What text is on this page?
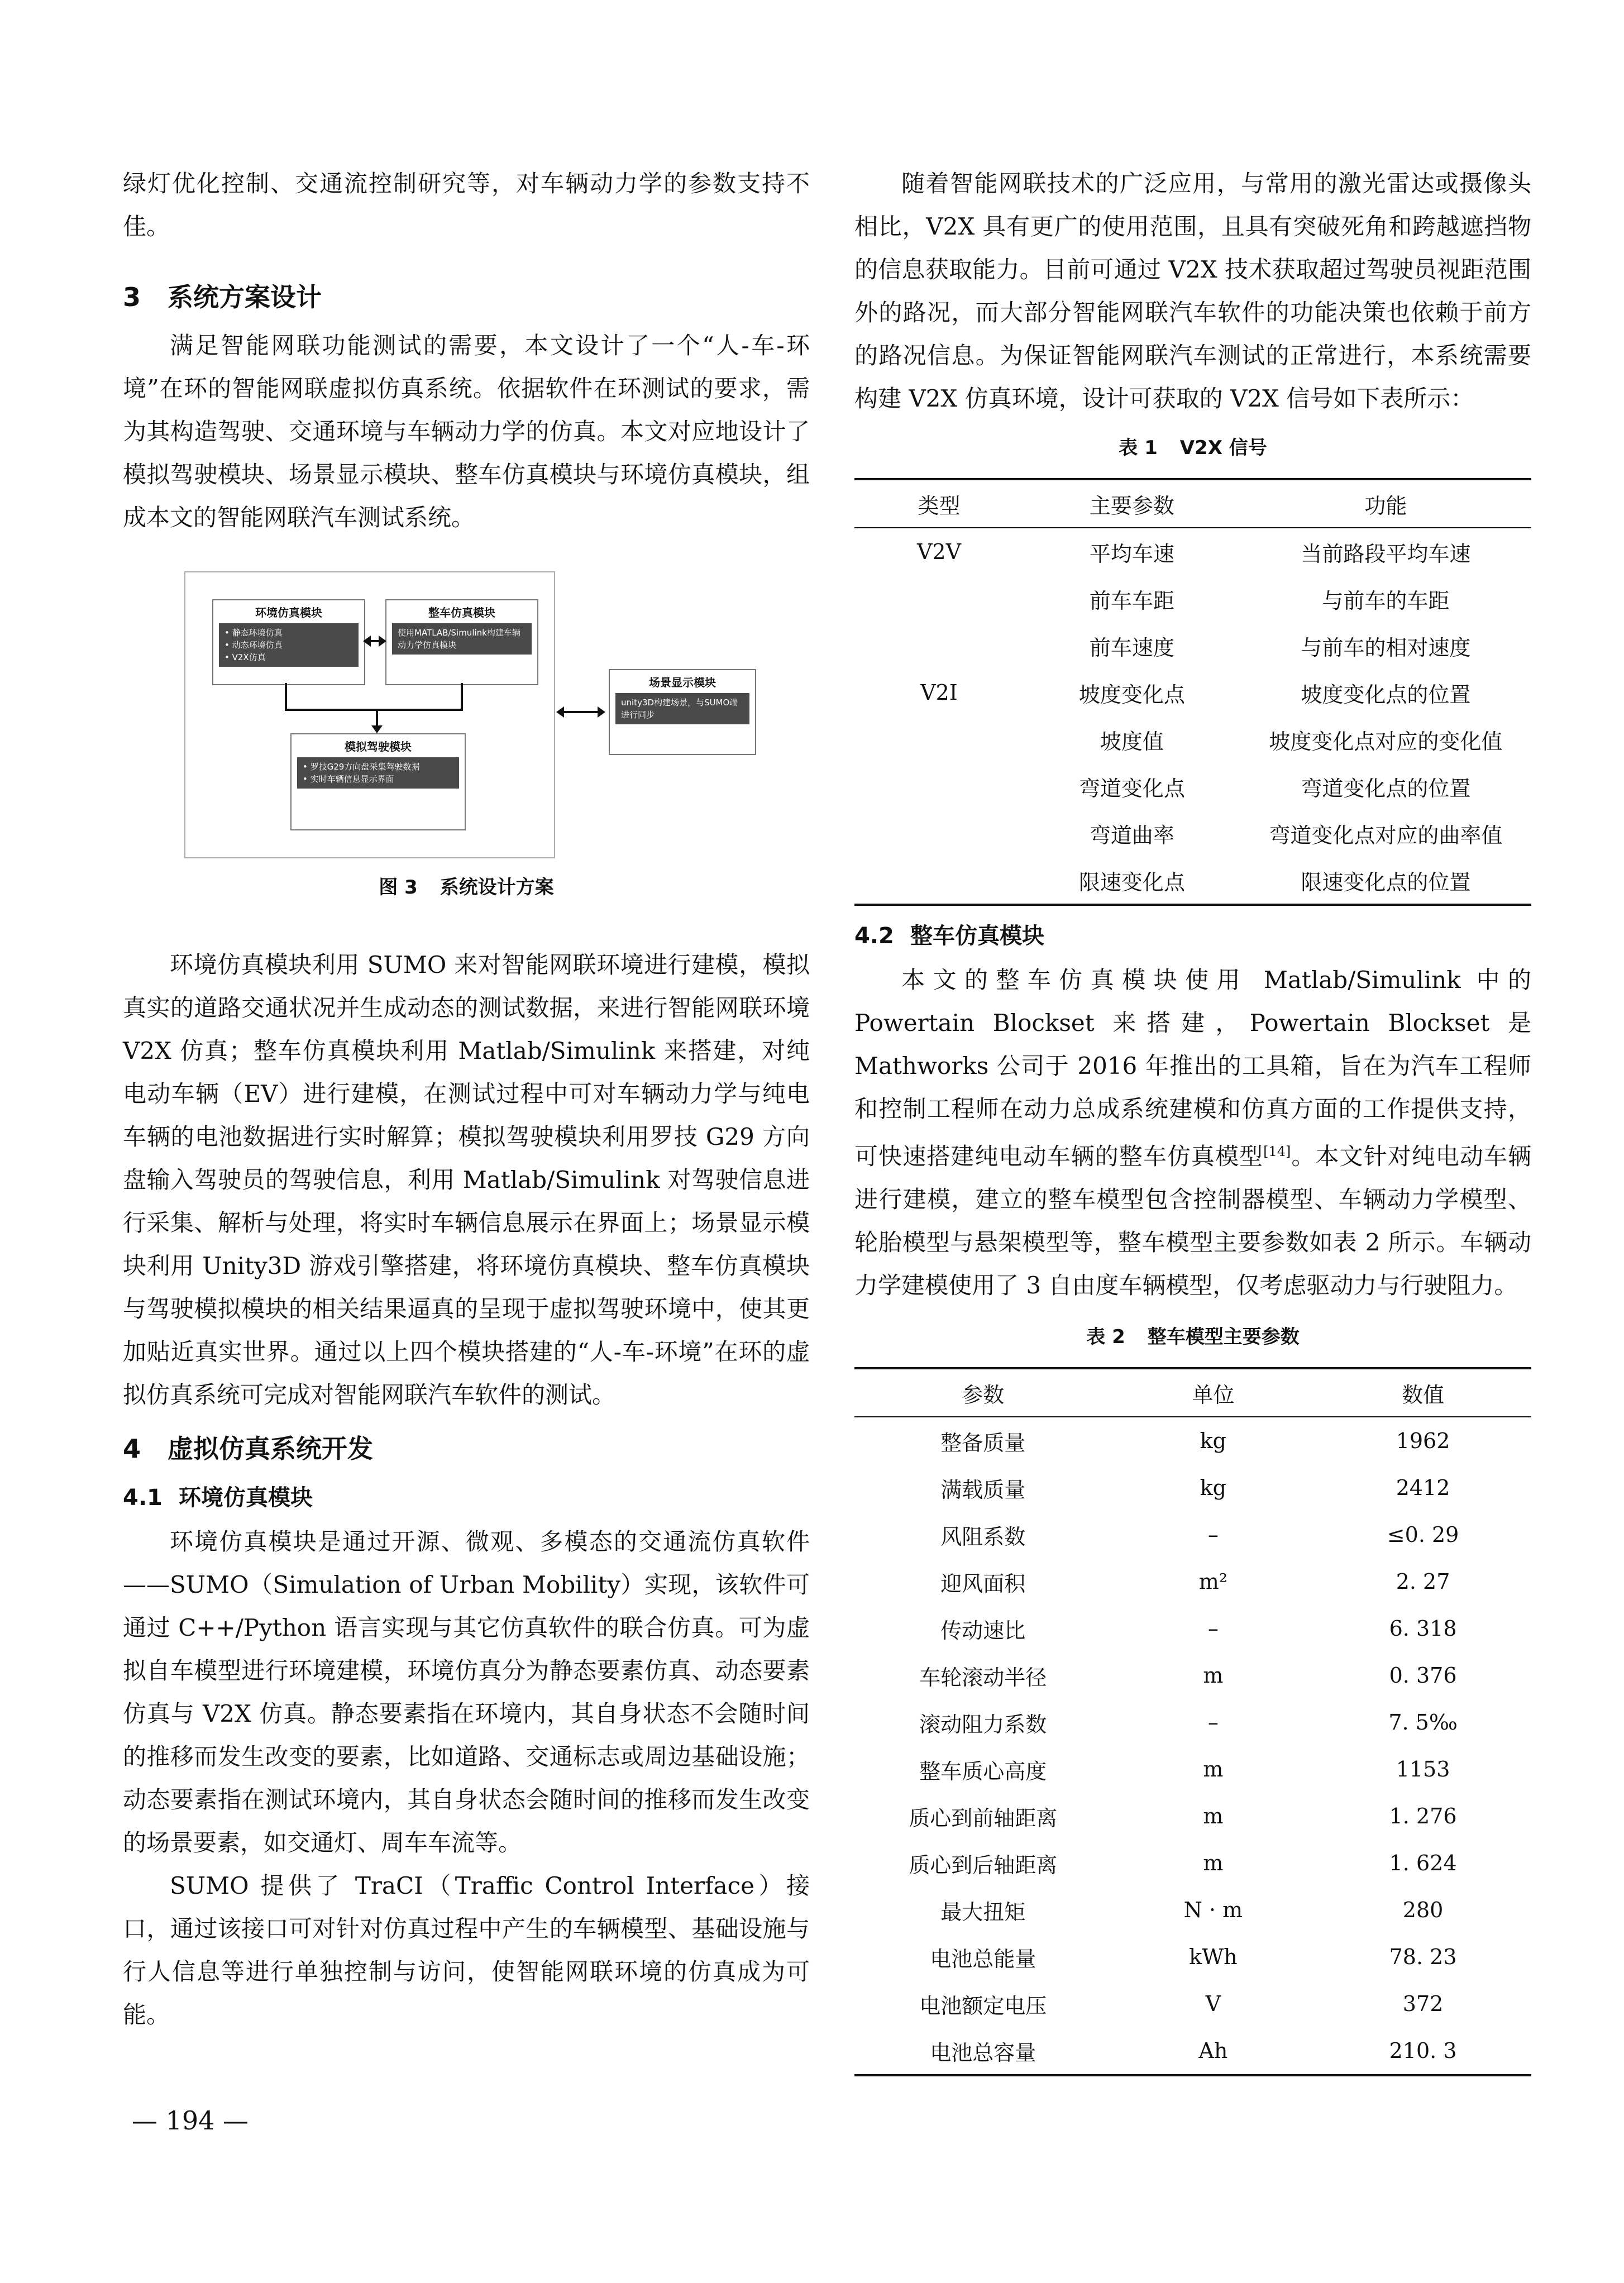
绿灯优化控制、交通流控制研究等，对车辆动力学的参数支持不佳。

3 系统方案设计

满足智能网联功能测试的需要，本文设计了一个“人-车-环境”在环的智能网联虚拟仿真系统。依据软件在环测试的要求，需为其构造驾驶、交通环境与车辆动力学的仿真。本文对应地设计了模拟驾驶模块、场景显示模块、整车仿真模块与环境仿真模块，组成本文的智能网联汽车测试系统。

环境仿真模块
• 静态环境仿真
• 动态环境仿真
• V2X仿真
整车仿真模块
使用MATLAB/Simulink构建车辆动力学仿真模块
模拟驾驶模块
• 罗技G29方向盘采集驾驶数据
• 实时车辆信息显示界面
场景显示模块
unity3D构建场景，与SUMO端进行同步
图 3 系统设计方案

环境仿真模块利用 SUMO 来对智能网联环境进行建模，模拟真实的道路交通状况并生成动态的测试数据，来进行智能网联环境 V2X 仿真；整车仿真模块利用 Matlab/Simulink 来搭建，对纯电动车辆（EV）进行建模，在测试过程中可对车辆动力学与纯电车辆的电池数据进行实时解算；模拟驾驶模块利用罗技 G29 方向盘输入驾驶员的驾驶信息，利用 Matlab/Simulink 对驾驶信息进行采集、解析与处理，将实时车辆信息展示在界面上；场景显示模块利用 Unity3D 游戏引擎搭建，将环境仿真模块、整车仿真模块与驾驶模拟模块的相关结果逼真的呈现于虚拟驾驶环境中，使其更加贴近真实世界。通过以上四个模块搭建的“人-车-环境”在环的虚拟仿真系统可完成对智能网联汽车软件的测试。

4 虚拟仿真系统开发
4.1 环境仿真模块

环境仿真模块是通过开源、微观、多模态的交通流仿真软件——SUMO（Simulation of Urban Mobility）实现，该软件可通过 C++/Python 语言实现与其它仿真软件的联合仿真。可为虚拟自车模型进行环境建模，环境仿真分为静态要素仿真、动态要素仿真与 V2X 仿真。静态要素指在环境内，其自身状态不会随时间的推移而发生改变的要素，比如道路、交通标志或周边基础设施；动态要素指在测试环境内，其自身状态会随时间的推移而发生改变的场景要素，如交通灯、周车车流等。

SUMO 提供了 TraCI（Traffic Control Interface）接口，通过该接口可对针对仿真过程中产生的车辆模型、基础设施与行人信息等进行单独控制与访问，使智能网联环境的仿真成为可能。

— 194 —

随着智能网联技术的广泛应用，与常用的激光雷达或摄像头相比，V2X 具有更广的使用范围，且具有突破死角和跨越遮挡物的信息获取能力。目前可通过 V2X 技术获取超过驾驶员视距范围外的路况，而大部分智能网联汽车软件的功能决策也依赖于前方的路况信息。为保证智能网联汽车测试的正常进行，本系统需要构建 V2X 仿真环境，设计可获取的 V2X 信号如下表所示：

表 1 V2X 信号
类型	主要参数	功能
V2V	平均车速	当前路段平均车速
	前车车距	与前车的车距
	前车速度	与前车的相对速度
V2I	坡度变化点	坡度变化点的位置
	坡度值	坡度变化点对应的变化值
	弯道变化点	弯道变化点的位置
	弯道曲率	弯道变化点对应的曲率值
	限速变化点	限速变化点的位置
4.2 整车仿真模块

本文的整车仿真模块使用 Matlab/Simulink 中的 Powertain Blockset 来搭建，Powertain Blockset 是 Mathworks 公司于 2016 年推出的工具箱，旨在为汽车工程师和控制工程师在动力总成系统建模和仿真方面的工作提供支持，可快速搭建纯电动车辆的整车仿真模型[14]。本文针对纯电动车辆进行建模，建立的整车模型包含控制器模型、车辆动力学模型、轮胎模型与悬架模型等，整车模型主要参数如表 2 所示。车辆动力学建模使用了 3 自由度车辆模型，仅考虑驱动力与行驶阻力。

表 2 整车模型主要参数
参数	单位	数值
整备质量	kg	1962
满载质量	kg	2412
风阻系数	–	≤0. 29
迎风面积	m²	2. 27
传动速比	–	6. 318
车轮滚动半径	m	0. 376
滚动阻力系数	–	7. 5‰
整车质心高度	m	1153
质心到前轴距离	m	1. 276
质心到后轴距离	m	1. 624
最大扭矩	N · m	280
电池总能量	kWh	78. 23
电池额定电压	V	372
电池总容量	Ah	210. 3
